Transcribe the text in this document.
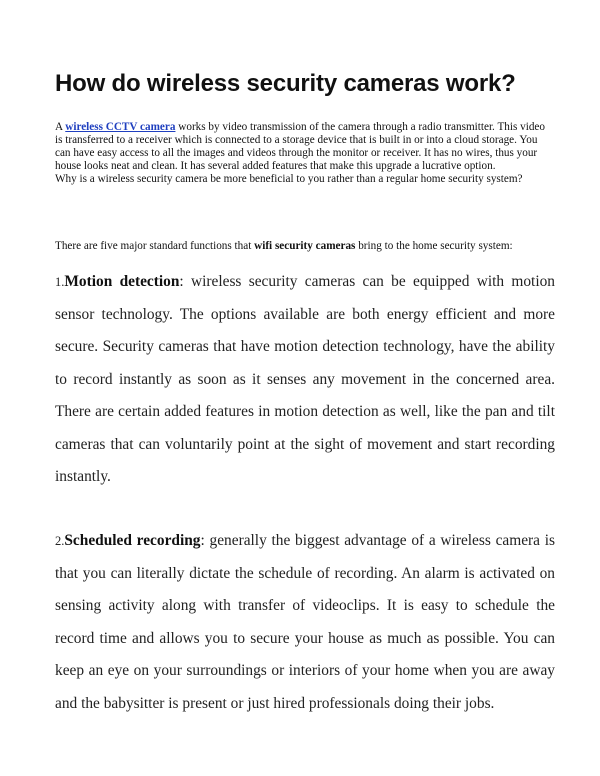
How do wireless security cameras work?

A wireless CCTV camera works by video transmission of the camera through a radio transmitter. This video is transferred to a receiver which is connected to a storage device that is built in or into a cloud storage. You can have easy access to all the images and videos through the monitor or receiver. It has no wires, thus your house looks neat and clean. It has several added features that make this upgrade a lucrative option.
Why is a wireless security camera be more beneficial to you rather than a regular home security system?

There are five major standard functions that wifi security cameras bring to the home security system:

1.Motion detection: wireless security cameras can be equipped with motion sensor technology. The options available are both energy efficient and more secure. Security cameras that have motion detection technology, have the ability to record instantly as soon as it senses any movement in the concerned area. There are certain added features in motion detection as well, like the pan and tilt cameras that can voluntarily point at the sight of movement and start recording instantly.

2.Scheduled recording: generally the biggest advantage of a wireless camera is that you can literally dictate the schedule of recording. An alarm is activated on sensing activity along with transfer of videoclips. It is easy to schedule the record time and allows you to secure your house as much as possible. You can keep an eye on your surroundings or interiors of your home when you are away and the babysitter is present or just hired professionals doing their jobs.
